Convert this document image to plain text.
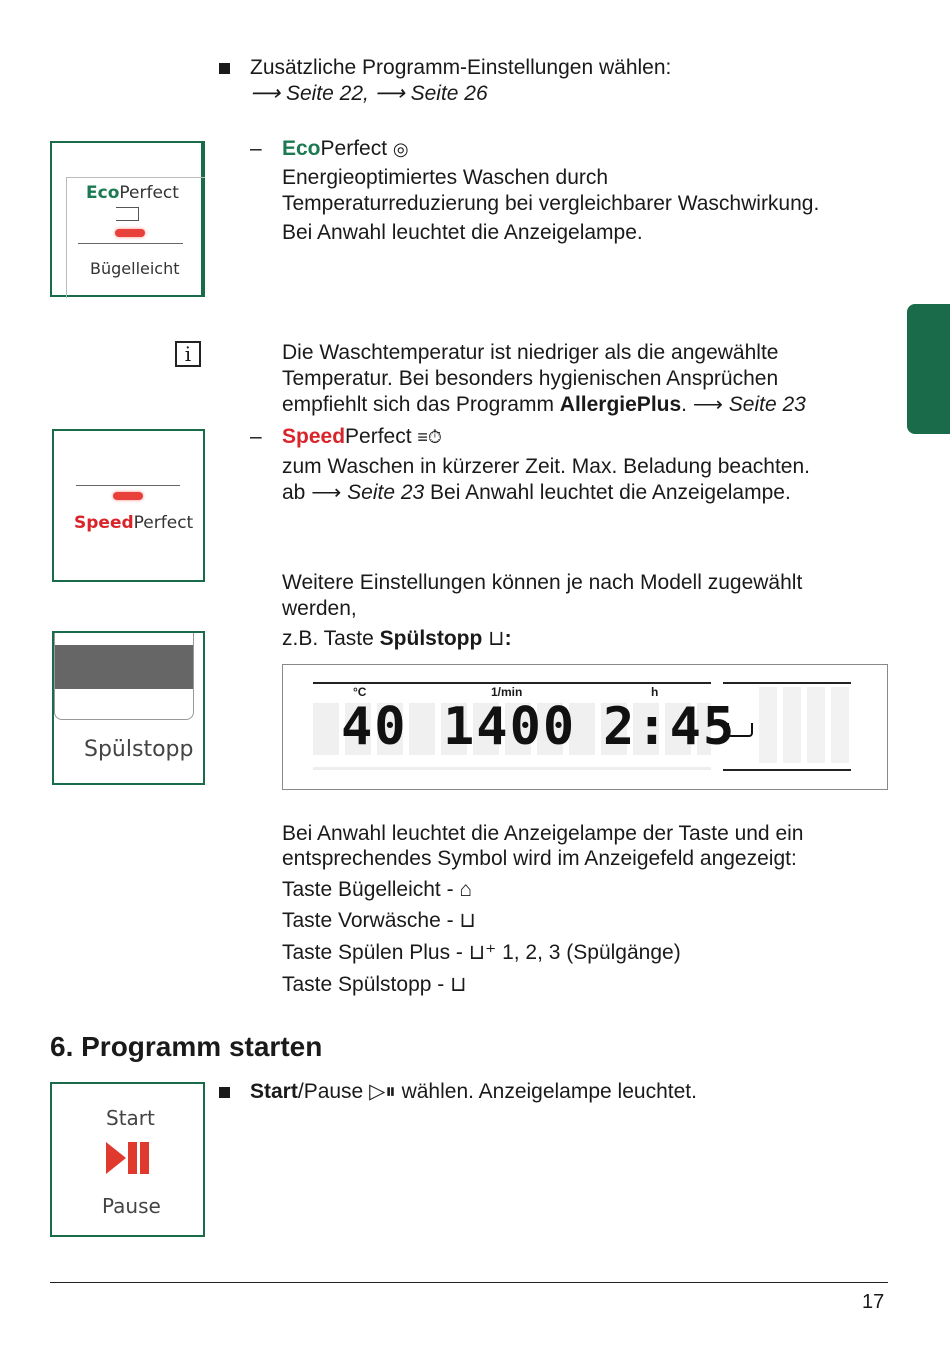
Zusätzliche Programm-Einstellungen wählen:
⟶ Seite 22, ⟶ Seite 26
EcoPerfect
Bügelleicht
– EcoPerfect ◎
Energieoptimiertes Waschen durch
Temperaturreduzierung bei vergleichbarer Waschwirkung.
Bei Anwahl leuchtet die Anzeigelampe.
i	Die Waschtemperatur ist niedriger als die angewählte
Temperatur. Bei besonders hygienischen Ansprüchen
empfiehlt sich das Programm AllergiePlus. ⟶ Seite 23
SpeedPerfect
– SpeedPerfect ≡⏱
zum Waschen in kürzerer Zeit. Max. Beladung beachten.
ab ⟶ Seite 23 Bei Anwahl leuchtet die Anzeigelampe.
Weitere Einstellungen können je nach Modell zugewählt
werden,
z.B. Taste Spülstopp ⊔:
Spülstopp
°C	1/min	h
40 1400 2:45
Bei Anwahl leuchtet die Anzeigelampe der Taste und ein
entsprechendes Symbol wird im Anzeigefeld angezeigt:
Taste Bügelleicht - ⌂
Taste Vorwäsche - ⊔
Taste Spülen Plus - ⊔⁺ 1, 2, 3 (Spülgänge)
Taste Spülstopp - ⊔
6. Programm starten
Start/Pause ▷⏸ wählen. Anzeigelampe leuchtet.
Start
Pause
17
